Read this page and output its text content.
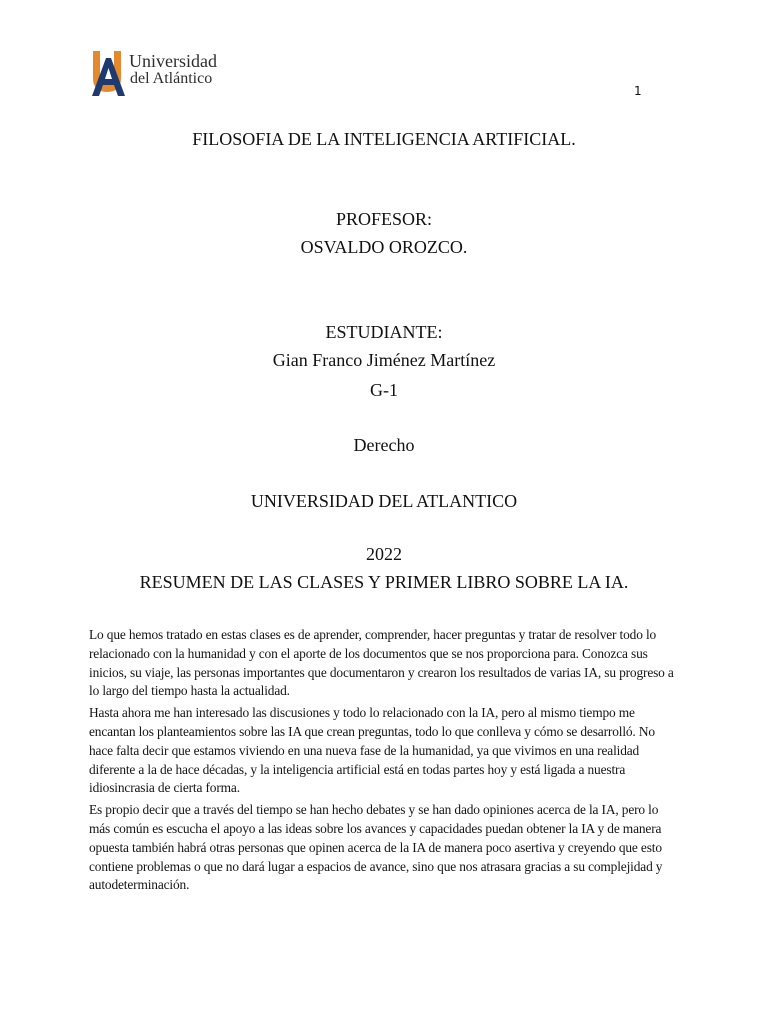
Universidad
del Atlántico
1
FILOSOFIA DE LA INTELIGENCIA ARTIFICIAL.
PROFESOR:
OSVALDO OROZCO.
ESTUDIANTE:
Gian Franco Jiménez Martínez
G-1
Derecho
UNIVERSIDAD DEL ATLANTICO
2022
RESUMEN DE LAS CLASES Y PRIMER LIBRO SOBRE LA IA.

Lo que hemos tratado en estas clases es de aprender, comprender, hacer preguntas y tratar de resolver todo lo relacionado con la humanidad y con el aporte de los documentos que se nos proporciona para. Conozca sus inicios, su viaje, las personas importantes que documentaron y crearon los resultados de varias IA, su progreso a lo largo del tiempo hasta la actualidad.

Hasta ahora me han interesado las discusiones y todo lo relacionado con la IA, pero al mismo tiempo me encantan los planteamientos sobre las IA que crean preguntas, todo lo que conlleva y cómo se desarrolló. No hace falta decir que estamos viviendo en una nueva fase de la humanidad, ya que vivimos en una realidad diferente a la de hace décadas, y la inteligencia artificial está en todas partes hoy y está ligada a nuestra idiosincrasia de cierta forma.

Es propio decir que a través del tiempo se han hecho debates y se han dado opiniones acerca de la IA, pero lo más común es escucha el apoyo a las ideas sobre los avances y capacidades puedan obtener la IA y de manera opuesta también habrá otras personas que opinen acerca de la IA de manera poco asertiva y creyendo que esto contiene problemas o que no dará lugar a espacios de avance, sino que nos atrasara gracias a su complejidad y autodeterminación.
